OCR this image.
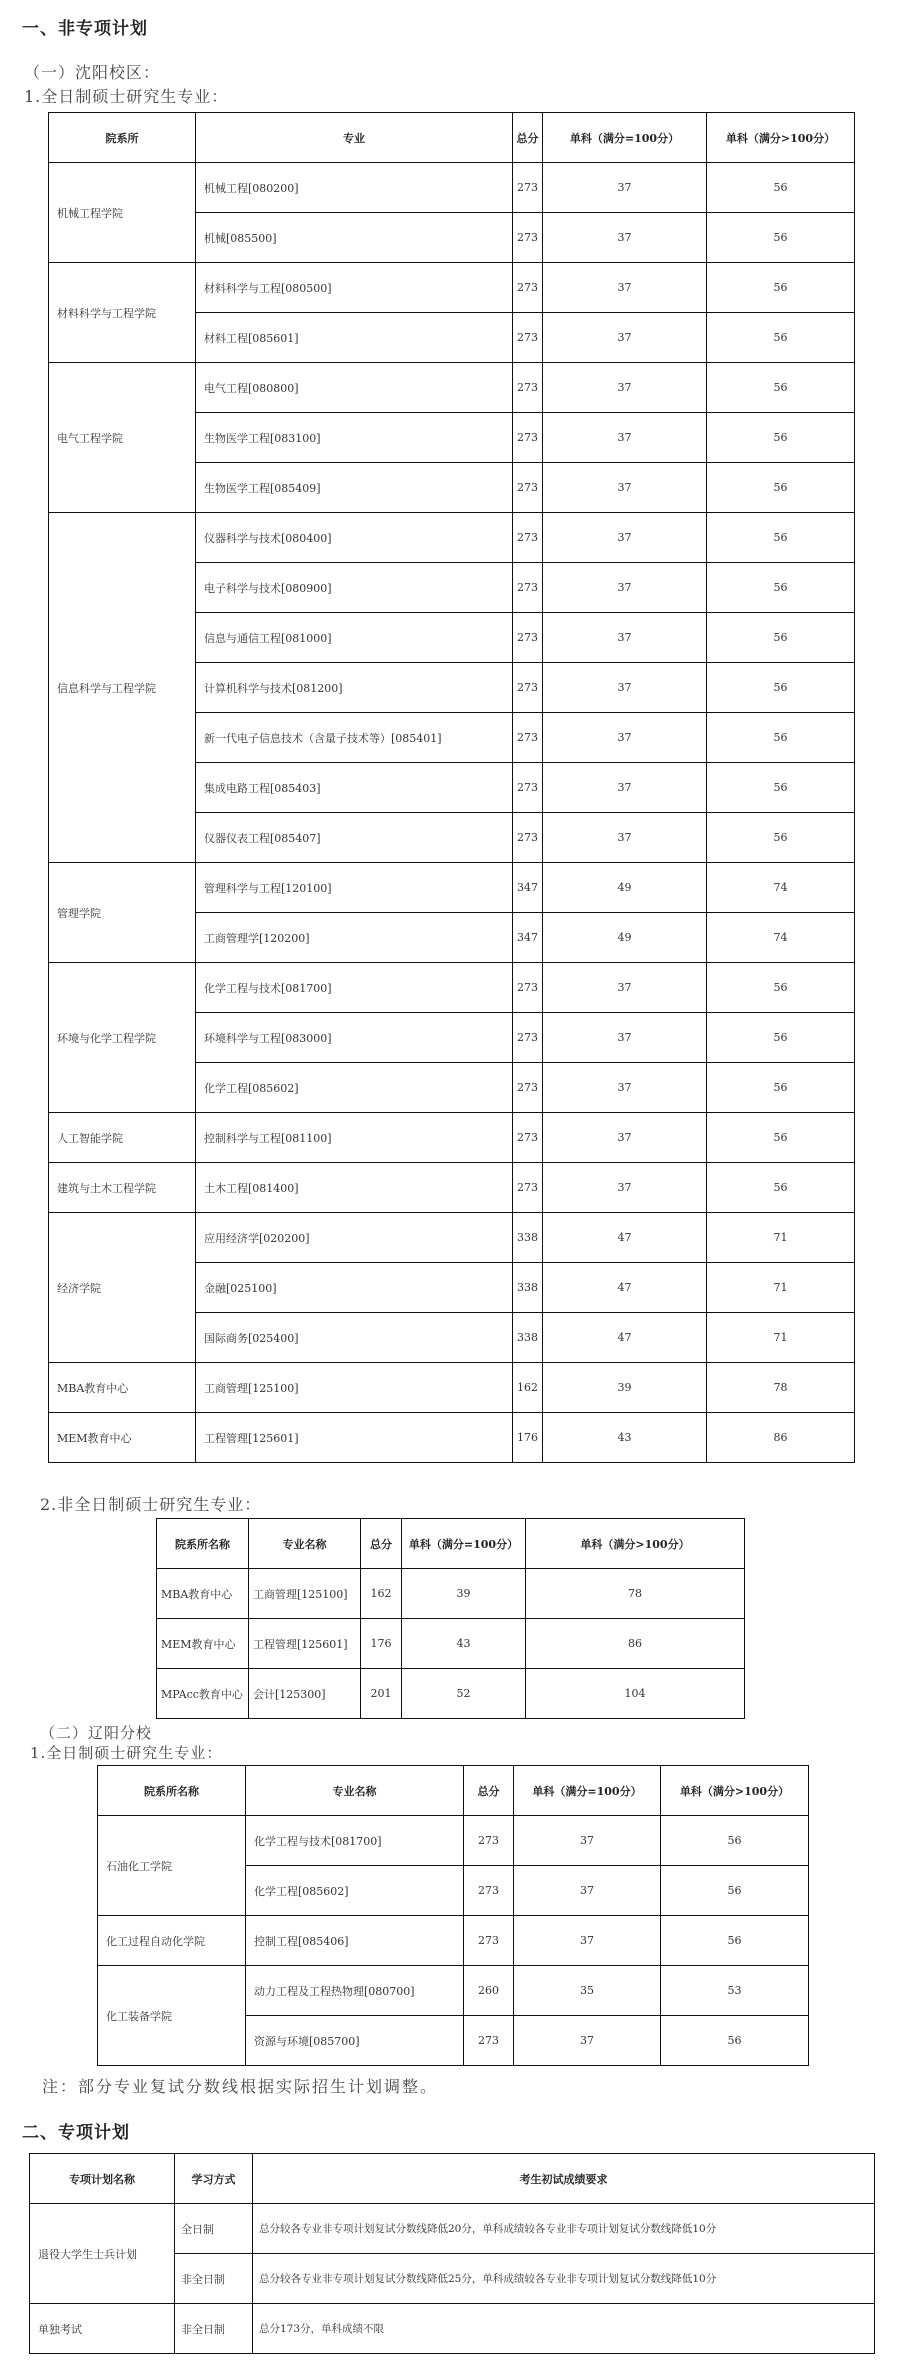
一、非专项计划
（一）沈阳校区：
1.全日制硕士研究生专业：
院系所	专业	总分	单科（满分=100分）	单科（满分>100分）
机械工程学院	机械工程[080200]	273	37	56
	机械[085500]	273	37	56
材料科学与工程学院	材料科学与工程[080500]	273	37	56
	材料工程[085601]	273	37	56
电气工程学院	电气工程[080800]	273	37	56
	生物医学工程[083100]	273	37	56
	生物医学工程[085409]	273	37	56
信息科学与工程学院	仪器科学与技术[080400]	273	37	56
	电子科学与技术[080900]	273	37	56
	信息与通信工程[081000]	273	37	56
	计算机科学与技术[081200]	273	37	56
	新一代电子信息技术（含量子技术等）[085401]	273	37	56
	集成电路工程[085403]	273	37	56
	仪器仪表工程[085407]	273	37	56
管理学院	管理科学与工程[120100]	347	49	74
	工商管理学[120200]	347	49	74
环境与化学工程学院	化学工程与技术[081700]	273	37	56
	环境科学与工程[083000]	273	37	56
	化学工程[085602]	273	37	56
人工智能学院	控制科学与工程[081100]	273	37	56
建筑与土木工程学院	土木工程[081400]	273	37	56
经济学院	应用经济学[020200]	338	47	71
	金融[025100]	338	47	71
	国际商务[025400]	338	47	71
MBA教育中心	工商管理[125100]	162	39	78
MEM教育中心	工程管理[125601]	176	43	86
2.非全日制硕士研究生专业：
院系所名称	专业名称	总分	单科（满分=100分）	单科（满分>100分）
MBA教育中心	工商管理[125100]	162	39	78
MEM教育中心	工程管理[125601]	176	43	86
MPAcc教育中心	会计[125300]	201	52	104
（二）辽阳分校
1.全日制硕士研究生专业：
院系所名称	专业名称	总分	单科（满分=100分）	单科（满分>100分）
石油化工学院	化学工程与技术[081700]	273	37	56
	化学工程[085602]	273	37	56
化工过程自动化学院	控制工程[085406]	273	37	56
化工装备学院	动力工程及工程热物理[080700]	260	35	53
	资源与环境[085700]	273	37	56
注：部分专业复试分数线根据实际招生计划调整。
二、专项计划
专项计划名称	学习方式	考生初试成绩要求
退役大学生士兵计划	全日制	总分较各专业非专项计划复试分数线降低20分，单科成绩较各专业非专项计划复试分数线降低10分
	非全日制	总分较各专业非专项计划复试分数线降低25分，单科成绩较各专业非专项计划复试分数线降低10分
单独考试	非全日制	总分173分，单科成绩不限
